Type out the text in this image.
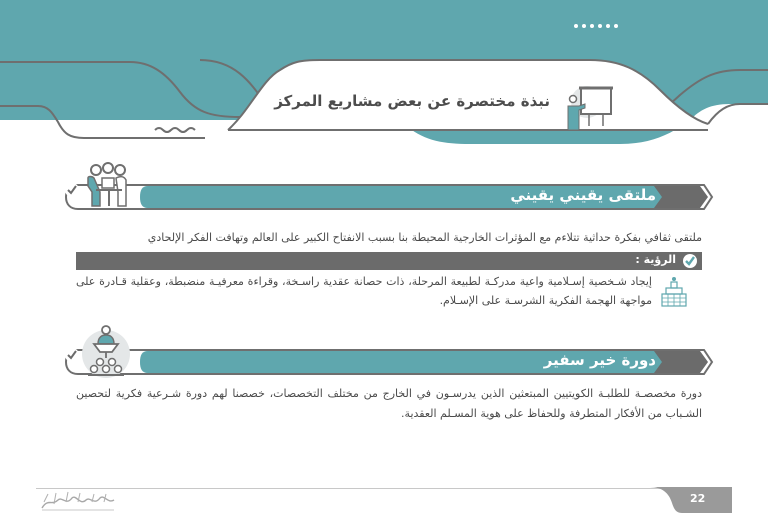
نبذة مختصرة عن بعض مشاريع المركز
ملتقى يقيني يقيني
ملتقى ثقافي بفكرة حداثية تتلاءم مع المؤثرات الخارجية المحيطة بنا بسبب الانفتاح الكبير على العالم وتهافت الفكر الإلحادي
الرؤية :
إيجاد شـخصية إسـلامية واعية مدركـة لطبيعة المرحلة، ذات حصانة عقدية راسـخة، وقراءة معرفيـة منضبطة، وعقلية قـادرة على مواجهة الهجمة الفكرية الشرسـة على الإسـلام.
دورة خير سفير
دورة مخصصـة للطلبـة الكويتيين المبتعثين الذين يدرسـون في الخارج من مختلف التخصصات، خصصنا لهم دورة شـرعية فكرية لتحصين الشـباب من الأفكار المتطرفة وللحفاظ على هوية المسـلم العقدية.
22
